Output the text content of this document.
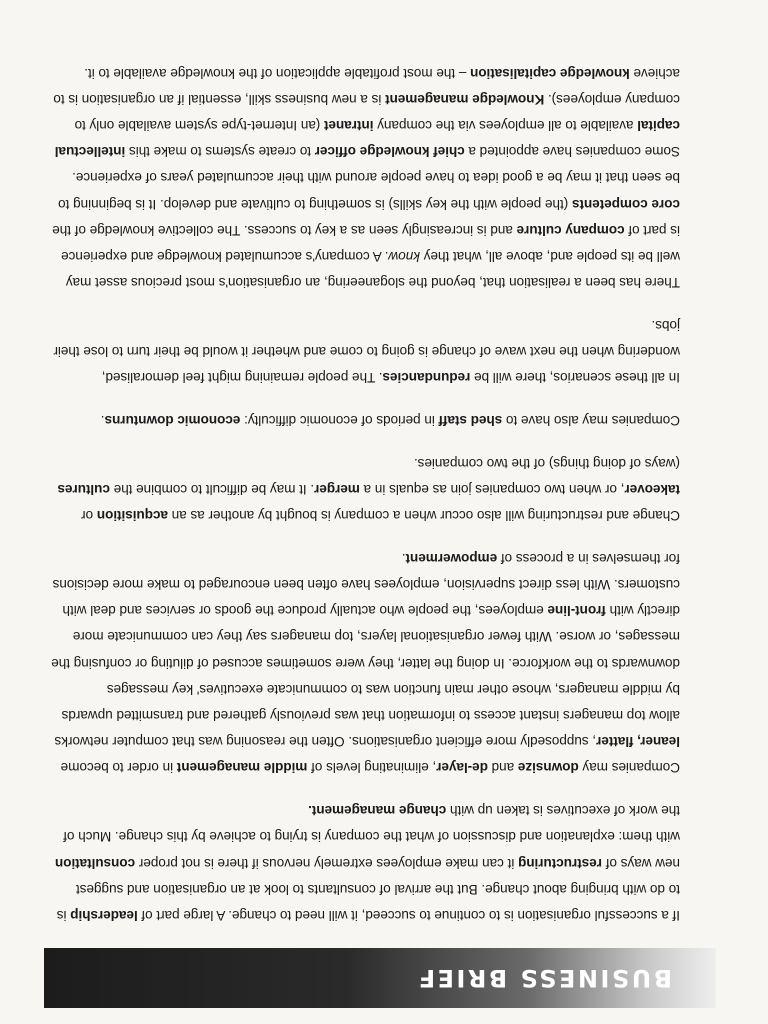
BUSINESS BRIEF

If a successful organisation is to continue to succeed, it will need to change. A large part of leadership is to do with bringing about change. But the arrival of consultants to look at an organisation and suggest new ways of restructuring it can make employees extremely nervous if there is not proper consultation with them: explanation and discussion of what the company is trying to achieve by this change. Much of the work of executives is taken up with change management.

Companies may downsize and de-layer, eliminating levels of middle management in order to become leaner, flatter, supposedly more efficient organisations. Often the reasoning was that computer networks allow top managers instant access to information that was previously gathered and transmitted upwards by middle managers, whose other main function was to communicate executives' key messages downwards to the workforce. In doing the latter, they were sometimes accused of diluting or confusing the messages, or worse. With fewer organisational layers, top managers say they can communicate more directly with front-line employees, the people who actually produce the goods or services and deal with customers. With less direct supervision, employees have often been encouraged to make more decisions for themselves in a process of empowerment.

Change and restructuring will also occur when a company is bought by another as an acquisition or takeover, or when two companies join as equals in a merger. It may be difficult to combine the cultures (ways of doing things) of the two companies.

Companies may also have to shed staff in periods of economic difficulty: economic downturns.

In all these scenarios, there will be redundancies. The people remaining might feel demoralised, wondering when the next wave of change is going to come and whether it would be their turn to lose their jobs.

There has been a realisation that, beyond the sloganeering, an organisation's most precious asset may well be its people and, above all, what they know. A company's accumulated knowledge and experience is part of company culture and is increasingly seen as a key to success. The collective knowledge of the core competents (the people with the key skills) is something to cultivate and develop. It is beginning to be seen that it may be a good idea to have people around with their accumulated years of experience. Some companies have appointed a chief knowledge officer to create systems to make this intellectual capital available to all employees via the company intranet (an Internet-type system available only to company employees). Knowledge management is a new business skill, essential if an organisation is to achieve knowledge capitalisation – the most profitable application of the knowledge available to it.
